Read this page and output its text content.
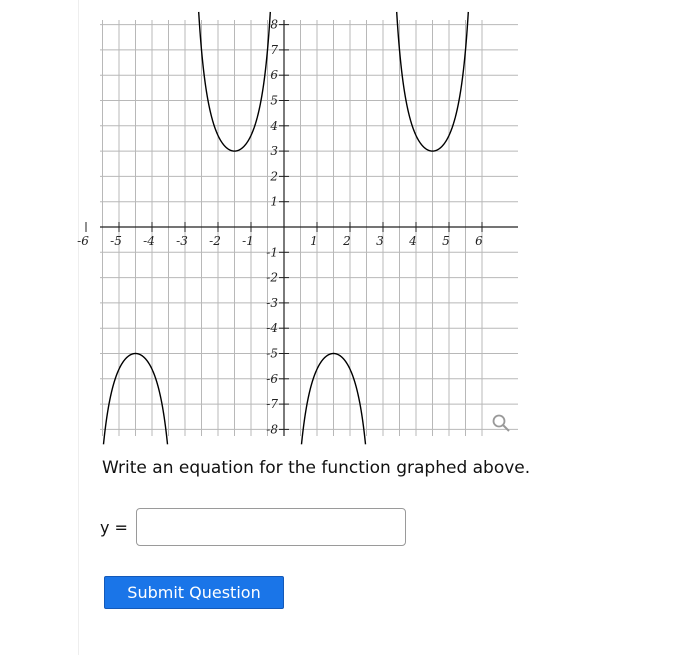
-6 -5 -4 -3 -2 -1	1 2 3 4 5 6
1
-1
2
-2
3
-3
4
-4
5
-5
6
-6
7
-7
8
-8
Write an equation for the function graphed above.
y =
Submit Question
